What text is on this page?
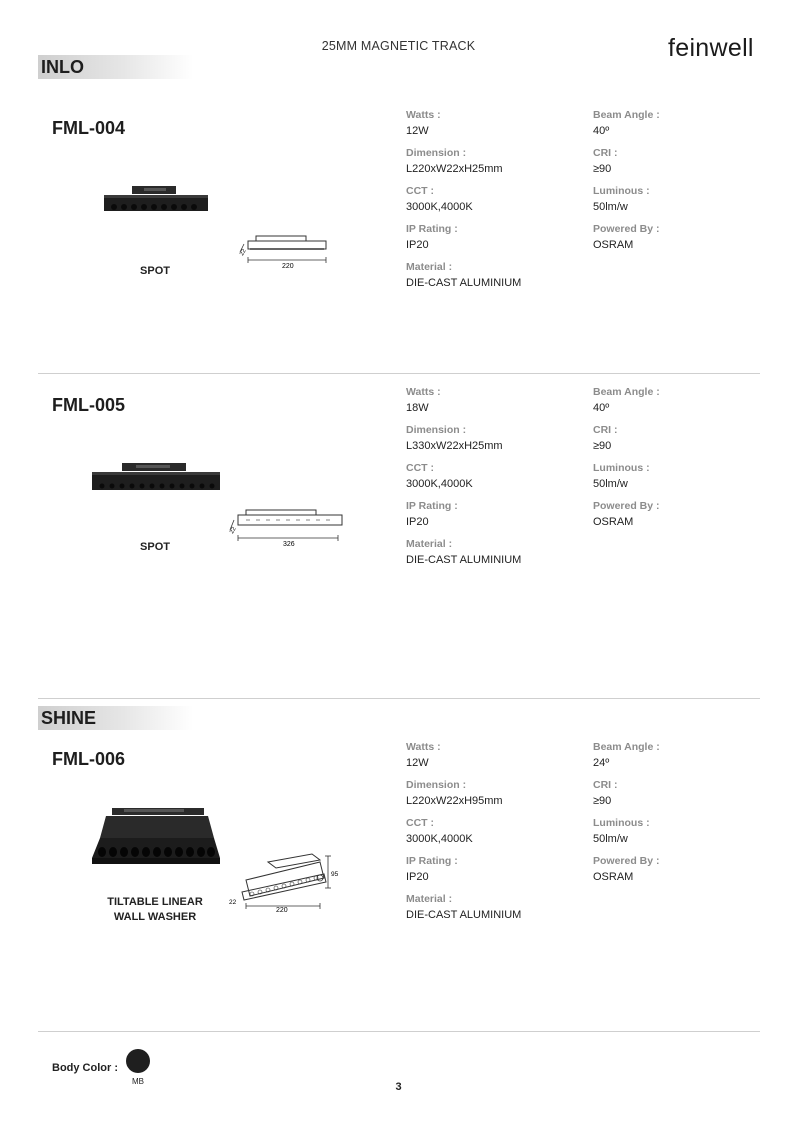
25MM MAGNETIC TRACK	feinwell
INLO
FML-004
22
220
SPOT
Watts :
12W
Beam Angle :
40º
Dimension :
L220xW22xH25mm
CRI :
≥90
CCT :
3000K,4000K
Luminous :
50lm/w
IP Rating :
IP20
Powered By :
OSRAM
Material :
DIE-CAST ALUMINIUM
FML-005
22
326
SPOT
Watts :
18W
Beam Angle :
40º
Dimension :
L330xW22xH25mm
CRI :
≥90
CCT :
3000K,4000K
Luminous :
50lm/w
IP Rating :
IP20
Powered By :
OSRAM
Material :
DIE-CAST ALUMINIUM
SHINE
FML-006
95
22
220
TILTABLE LINEAR
WALL WASHER
Watts :
12W
Beam Angle :
24º
Dimension :
L220xW22xH95mm
CRI :
≥90
CCT :
3000K,4000K
Luminous :
50lm/w
IP Rating :
IP20
Powered By :
OSRAM
Material :
DIE-CAST ALUMINIUM
Body Color :
MB	3
